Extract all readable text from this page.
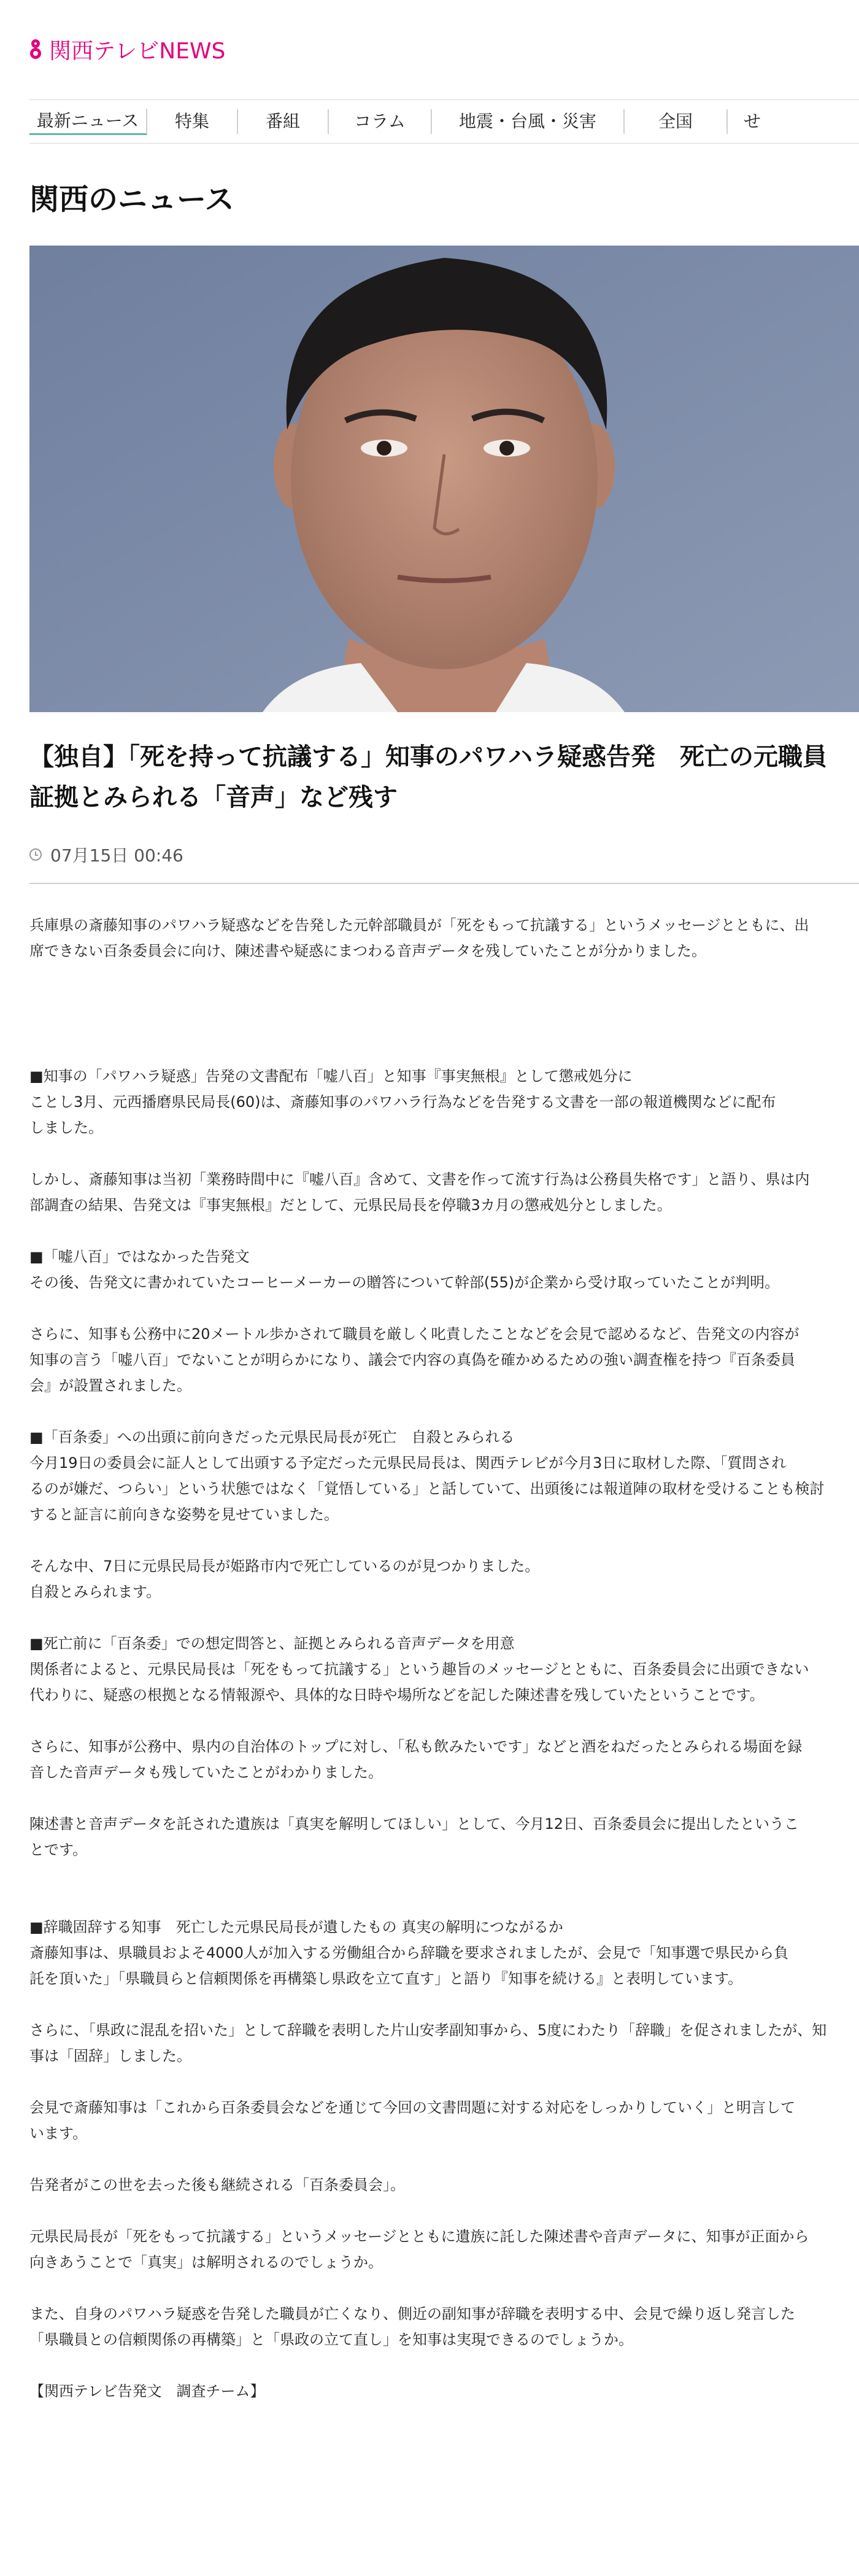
関西テレビNEWS
最新ニュース	特集	番組	コラム	地震・台風・災害	全国	せ
関西のニュース
【独自】「死を持って抗議する」知事のパワハラ疑惑告発　死亡の元職員
証拠とみられる「音声」など残す
07月15日 00:46

兵庫県の斎藤知事のパワハラ疑惑などを告発した元幹部職員が「死をもって抗議する」というメッセージとともに、出
席できない百条委員会に向け、陳述書や疑惑にまつわる音声データを残していたことが分かりました。

■知事の「パワハラ疑惑」告発の文書配布「嘘八百」と知事『事実無根』として懲戒処分に

ことし3月、元西播磨県民局長(60)は、斎藤知事のパワハラ行為などを告発する文書を一部の報道機関などに配布
しました。

しかし、斎藤知事は当初「業務時間中に『嘘八百』含めて、文書を作って流す行為は公務員失格です」と語り、県は内
部調査の結果、告発文は『事実無根』だとして、元県民局長を停職3カ月の懲戒処分としました。

■「嘘八百」ではなかった告発文

その後、告発文に書かれていたコーヒーメーカーの贈答について幹部(55)が企業から受け取っていたことが判明。

さらに、知事も公務中に20メートル歩かされて職員を厳しく叱責したことなどを会見で認めるなど、告発文の内容が
知事の言う「嘘八百」でないことが明らかになり、議会で内容の真偽を確かめるための強い調査権を持つ『百条委員
会』が設置されました。

■「百条委」への出頭に前向きだった元県民局長が死亡　自殺とみられる

今月19日の委員会に証人として出頭する予定だった元県民局長は、関西テレビが今月3日に取材した際、「質問され
るのが嫌だ、つらい」という状態ではなく「覚悟している」と話していて、出頭後には報道陣の取材を受けることも検討
すると証言に前向きな姿勢を見せていました。

そんな中、7日に元県民局長が姫路市内で死亡しているのが見つかりました。
自殺とみられます。

■死亡前に「百条委」での想定問答と、証拠とみられる音声データを用意

関係者によると、元県民局長は「死をもって抗議する」という趣旨のメッセージとともに、百条委員会に出頭できない
代わりに、疑惑の根拠となる情報源や、具体的な日時や場所などを記した陳述書を残していたということです。

さらに、知事が公務中、県内の自治体のトップに対し、「私も飲みたいです」などと酒をねだったとみられる場面を録
音した音声データも残していたことがわかりました。

陳述書と音声データを託された遺族は「真実を解明してほしい」として、今月12日、百条委員会に提出したというこ
とです。

■辞職固辞する知事　死亡した元県民局長が遺したもの 真実の解明につながるか

斎藤知事は、県職員およそ4000人が加入する労働組合から辞職を要求されましたが、会見で「知事選で県民から負
託を頂いた」「県職員らと信頼関係を再構築し県政を立て直す」と語り『知事を続ける』と表明しています。

さらに、「県政に混乱を招いた」として辞職を表明した片山安孝副知事から、5度にわたり「辞職」を促されましたが、知
事は「固辞」しました。

会見で斎藤知事は「これから百条委員会などを通じて今回の文書問題に対する対応をしっかりしていく」と明言して
います。

告発者がこの世を去った後も継続される「百条委員会」。

元県民局長が「死をもって抗議する」というメッセージとともに遺族に託した陳述書や音声データに、知事が正面から
向きあうことで「真実」は解明されるのでしょうか。

また、自身のパワハラ疑惑を告発した職員が亡くなり、側近の副知事が辞職を表明する中、会見で繰り返し発言した
「県職員との信頼関係の再構築」と「県政の立て直し」を知事は実現できるのでしょうか。

【関西テレビ告発文　調査チーム】
